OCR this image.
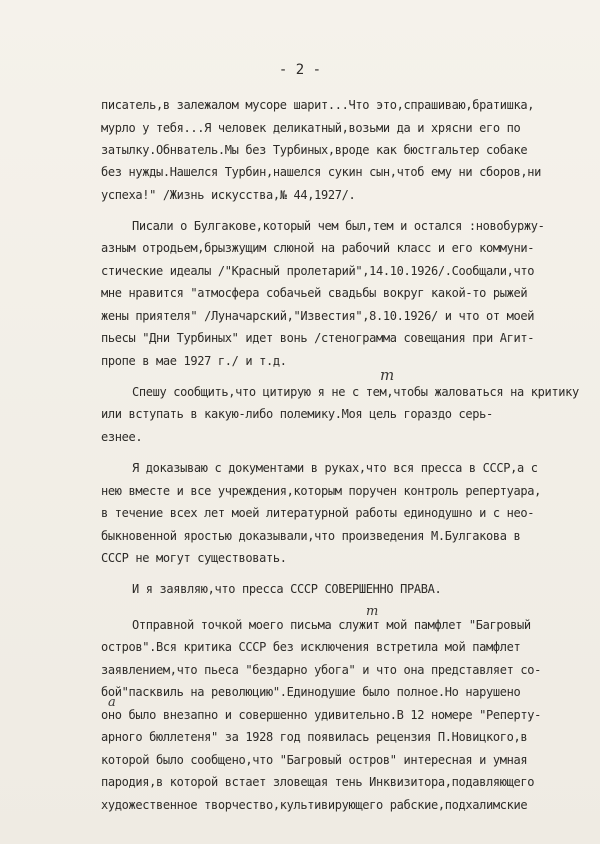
- 2 -
писатель,в залежалом мусоре шарит...Что это,спрашиваю,братишка,
мурло у тебя...Я человек деликатный,возьми да и хрясни его по
затылку.Обнватель.Мы без Турбиных,вроде как бюстгальтер собаке
без нужды.Нашелся Турбин,нашелся сукин сын,чтоб ему ни сборов,ни
успеха!" /Жизнь искусства,№ 44,1927/.
Писали о Булгакове,который чем был,тем и остался :новобуржу-
азным отродьем,брызжущим слюной на рабочий класс и его коммуни-
стические идеалы /"Красный пролетарий",14.10.1926/.Сообщали,что
мне нравится "атмосфера собачьей свадьбы вокруг какой-то рыжей
жены приятеля" /Луначарский,"Известия",8.10.1926/ и что от моей
пьесы "Дни Турбиных" идет вонь /стенограмма совещания при Агит-
пропе в мае 1927 г./ и т.д.
Спешу сообщить,что цитирую я не с тем,чтобы жаловаться на критику
или вступать в какую-либо полемику.Моя цель гораздо серь-
езнее.
Я доказываю с документами в руках,что вся пресса в СССР,а с
нею вместе и все учреждения,которым поручен контроль репертуара,
в течение всех лет моей литературной работы единодушно и с нео-
быкновенной яростью доказывали,что произведения М.Булгакова в
СССР не могут существовать.
И я заявляю,что пресса СССР СОВЕРШЕННО ПРАВА.
Отправной точкой моего письма служит мой памфлет "Багровый
остров".Вся критика СССР без исключения встретила мой памфлет
заявлением,что пьеса "бездарно убога" и что она представляет со-
бой"пасквиль на революцию".Единодушие было полное.Но нарушено
оно было внезапно и совершенно удивительно.В 12 номере "Реперту-
арного бюллетеня" за 1928 год появилась рецензия П.Новицкого,в
которой было сообщено,что "Багровый остров" интересная и умная
пародия,в которой встает зловещая тень Инквизитора,подавляющего
художественное творчество,культивирующего рабские,подхалимские
т
т
а
